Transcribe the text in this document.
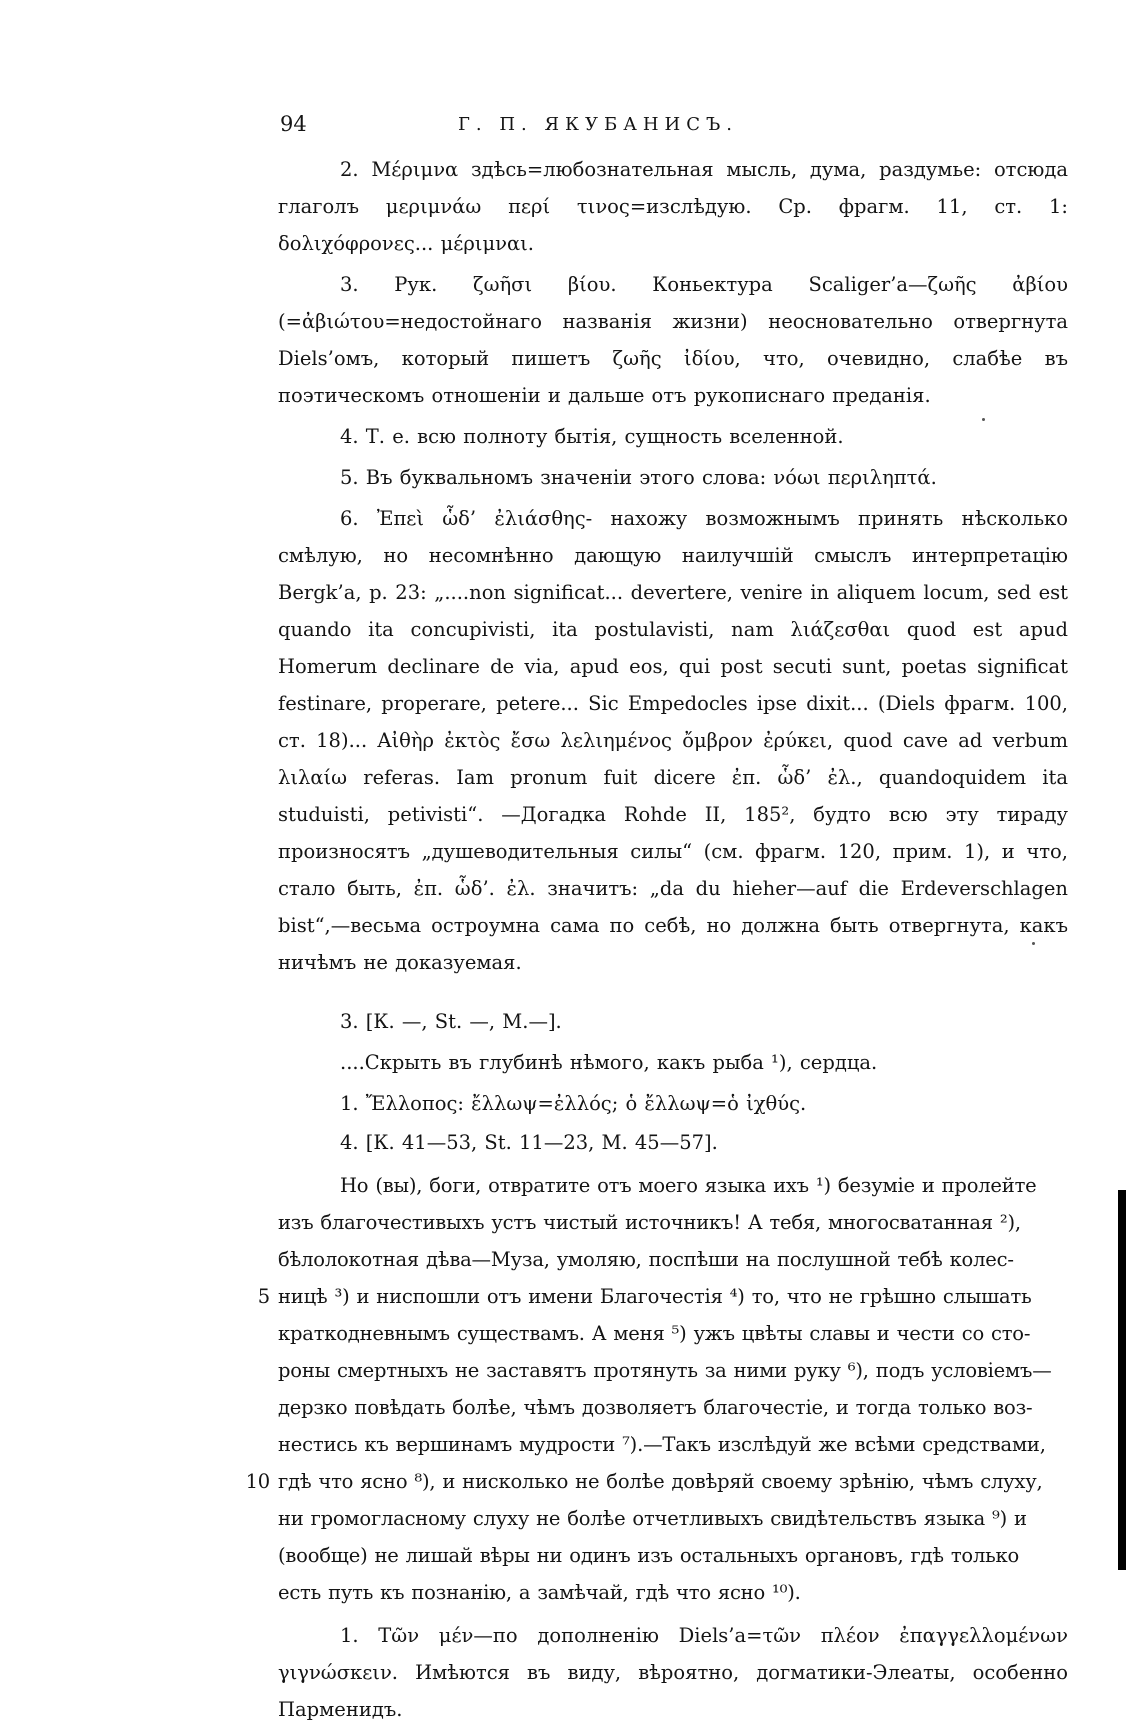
94	Г. П. ЯКУБАНИСЪ.

2. Μέριμνα здѣсь=любознательная мысль, дума, раздумье: отсюда глаголъ μεριμνάω περί τινος=изслѣдую. Ср. фрагм. 11, ст. 1: δολιχόφρονες... μέριμναι.

3. Рук. ζωῆσι βίου. Коньектура Scaliger’a—ζωῆς ἀβίου (=ἀβιώτου=недостойнаго названія жизни) неосновательно отвергнута Diels’омъ, который пишетъ ζωῆς ἰδίου, что, очевидно, слабѣе въ поэтическомъ отношеніи и дальше отъ рукописнаго преданія.

4. Т. е. всю полноту бытія, сущность вселенной.

5. Въ буквальномъ значеніи этого слова: νόωι περιληπτά.

6. Ἐπεὶ ὧδ’ ἐλιάσθης- нахожу возможнымъ принять нѣсколько смѣлую, но несомнѣнно дающую наилучшій смыслъ интерпретацію Bergk’a, p. 23: „....non significat... devertere, venire in aliquem locum, sed est quando ita concupivisti, ita postulavisti, nam λιάζεσθαι quod est apud Homerum declinare de via, apud eos, qui post secuti sunt, poetas significat festinare, properare, petere... Sic Empedocles ipse dixit... (Diels фрагм. 100, ст. 18)... Αἰθὴρ ἐκτὸς ἔσω λελιημένος ὄμβρον ἐρύκει, quod cave ad verbum λιλαίω referas. Iam pronum fuit dicere ἐπ. ὧδ’ ἐλ., quandoquidem ita studuisti, petivisti“. —Догадка Rohde II, 185², будто всю эту тираду произносятъ „душеводительныя силы“ (см. фрагм. 120, прим. 1), и что, стало быть, ἐπ. ὧδ’. ἐλ. значитъ: „da du hieher—auf die Erdeverschlagen bist“,—весьма остроумна сама по себѣ, но должна быть отвергнута, какъ ничѣмъ не доказуемая.

3. [К. —, St. —, М.—].

....Скрыть въ глубинѣ нѣмого, какъ рыба ¹), сердца.

1. Ἔλλοπος: ἔλλωψ=ἐλλός; ὁ ἔλλωψ=ὁ ἰχθύς.

4. [К. 41—53, St. 11—23, М. 45—57].

Но (вы), боги, отвратите отъ моего языка ихъ ¹) безуміе и пролейте
изъ благочестивыхъ устъ чистый источникъ! А тебя, многосватанная ²),
бѣлолокотная дѣва—Муза, умоляю, поспѣши на послушной тебѣ колес-
5 ницѣ ³) и ниспошли отъ имени Благочестія ⁴) то, что не грѣшно слышать
краткодневнымъ существамъ. А меня ⁵) ужъ цвѣты славы и чести со сто-
роны смертныхъ не заставятъ протянуть за ними руку ⁶), подъ условіемъ—
дерзко повѣдать болѣе, чѣмъ дозволяетъ благочестіе, и тогда только воз-
нестись къ вершинамъ мудрости ⁷).—Такъ изслѣдуй же всѣми средствами,
10 гдѣ что ясно ⁸), и нисколько не болѣе довѣряй своему зрѣнію, чѣмъ слуху,
ни громогласному слуху не болѣе отчетливыхъ свидѣтельствъ языка ⁹) и
(вообще) не лишай вѣры ни одинъ изъ остальныхъ органовъ, гдѣ только
есть путь къ познанію, а замѣчай, гдѣ что ясно ¹⁰).

1. Τῶν μέν—по дополненію Diels’a=τῶν πλέον ἐπαγγελλομένων γιγνώσκειν. Имѣются въ виду, вѣроятно, догматики-Элеаты, особенно Парменидъ.
